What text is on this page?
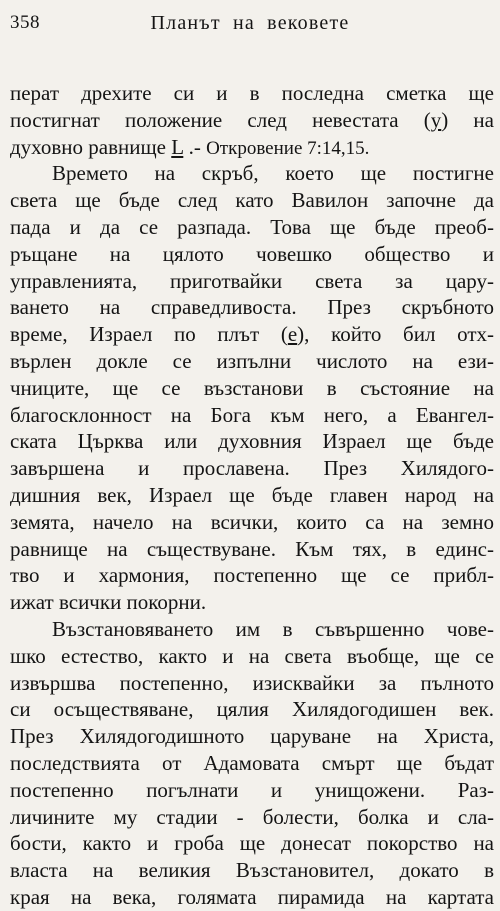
358	Планът на вековете
перат дрехите си и в последна сметка ще
постигнат положение след невестата (у) на
духовно равнище L .- Откровение 7:14,15.
Времето на скръб, което ще постигне
света ще бъде след като Вавилон започне да
пада и да се разпада. Това ще бъде преоб-
ръщане на цялото човешко общество и
управленията, приготвайки света за цару-
ването на справедливоста. През скръбното
време, Израел по плът (е), който бил отх-
върлен докле се изпълни числото на ези-
чниците, ще се възстанови в състояние на
благосклонност на Бога към него, а Евангел-
ската Църква или духовния Израел ще бъде
завършена и прославена. През Хилядого-
дишния век, Израел ще бъде главен народ на
земята, начело на всички, които са на земно
равнище на съществуване. Към тях, в единс-
тво и хармония, постепенно ще се прибл-
ижат всички покорни.
Възстановяването им в съвършенно чове-
шко естество, както и на света въобще, ще се
извършва постепенно, изисквайки за пълното
си осъществяване, цялия Хилядогодишен век.
През Хилядогодишното царуване на Христа,
последствията от Адамовата смърт ще бъдат
постепенно погълнати и унищожени. Раз-
личините му стадии - болести, болка и сла-
бости, както и гроба ще донесат покорство на
власта на великия Възстановител, докато в
края на века, голямата пирамида на картата
